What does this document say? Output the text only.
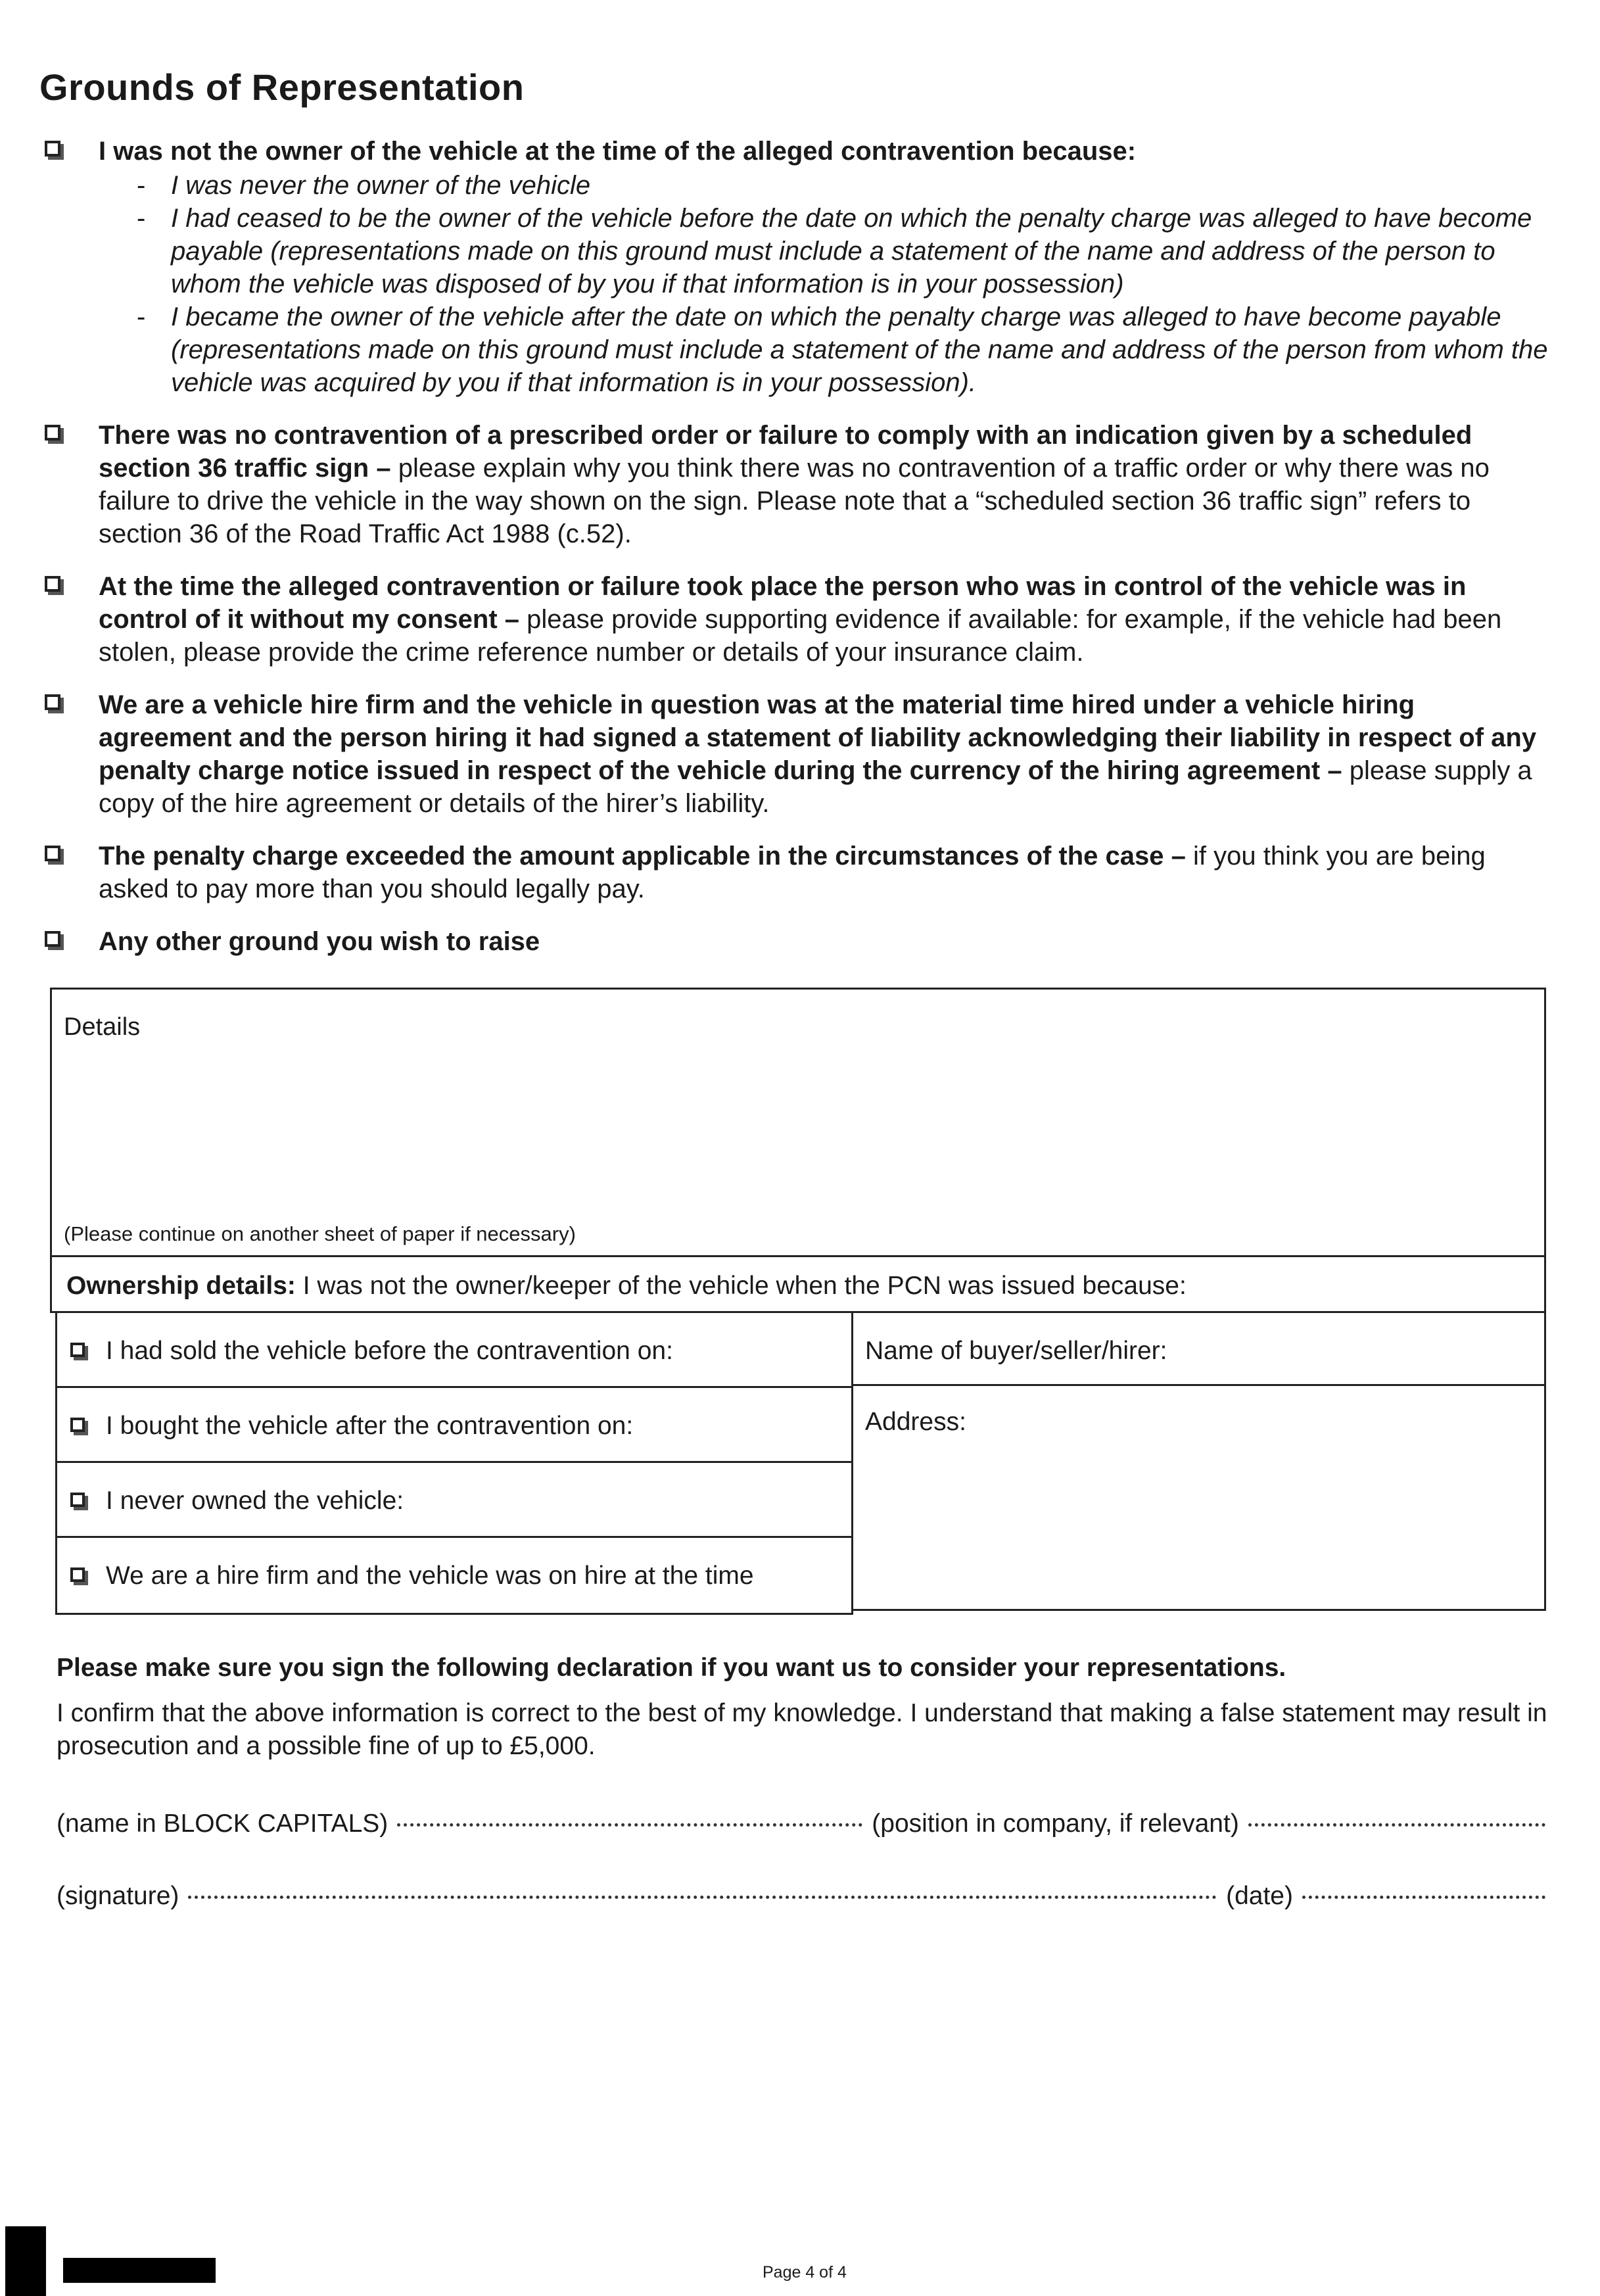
Grounds of Representation
I was not the owner of the vehicle at the time of the alleged contravention because:
- I was never the owner of the vehicle
- I had ceased to be the owner of the vehicle before the date on which the penalty charge was alleged to have become payable (representations made on this ground must include a statement of the name and address of the person to whom the vehicle was disposed of by you if that information is in your possession)
- I became the owner of the vehicle after the date on which the penalty charge was alleged to have become payable (representations made on this ground must include a statement of the name and address of the person from whom the vehicle was acquired by you if that information is in your possession).
There was no contravention of a prescribed order or failure to comply with an indication given by a scheduled section 36 traffic sign – please explain why you think there was no contravention of a traffic order or why there was no failure to drive the vehicle in the way shown on the sign. Please note that a “scheduled section 36 traffic sign” refers to section 36 of the Road Traffic Act 1988 (c.52).
At the time the alleged contravention or failure took place the person who was in control of the vehicle was in control of it without my consent – please provide supporting evidence if available: for example, if the vehicle had been stolen, please provide the crime reference number or details of your insurance claim.
We are a vehicle hire firm and the vehicle in question was at the material time hired under a vehicle hiring agreement and the person hiring it had signed a statement of liability acknowledging their liability in respect of any penalty charge notice issued in respect of the vehicle during the currency of the hiring agreement – please supply a copy of the hire agreement or details of the hirer’s liability.
The penalty charge exceeded the amount applicable in the circumstances of the case – if you think you are being asked to pay more than you should legally pay.
Any other ground you wish to raise
Details
(Please continue on another sheet of paper if necessary)
Ownership details: I was not the owner/keeper of the vehicle when the PCN was issued because:
I had sold the vehicle before the contravention on:
I bought the vehicle after the contravention on:
I never owned the vehicle:
We are a hire firm and the vehicle was on hire at the time
Name of buyer/seller/hirer:
Address:

Please make sure you sign the following declaration if you want us to consider your representations.

I confirm that the above information is correct to the best of my knowledge. I understand that making a false statement may result in prosecution and a possible fine of up to £5,000.

(name in BLOCK CAPITALS)	(position in company, if relevant)
(signature)	(date)
Page 4 of 4
